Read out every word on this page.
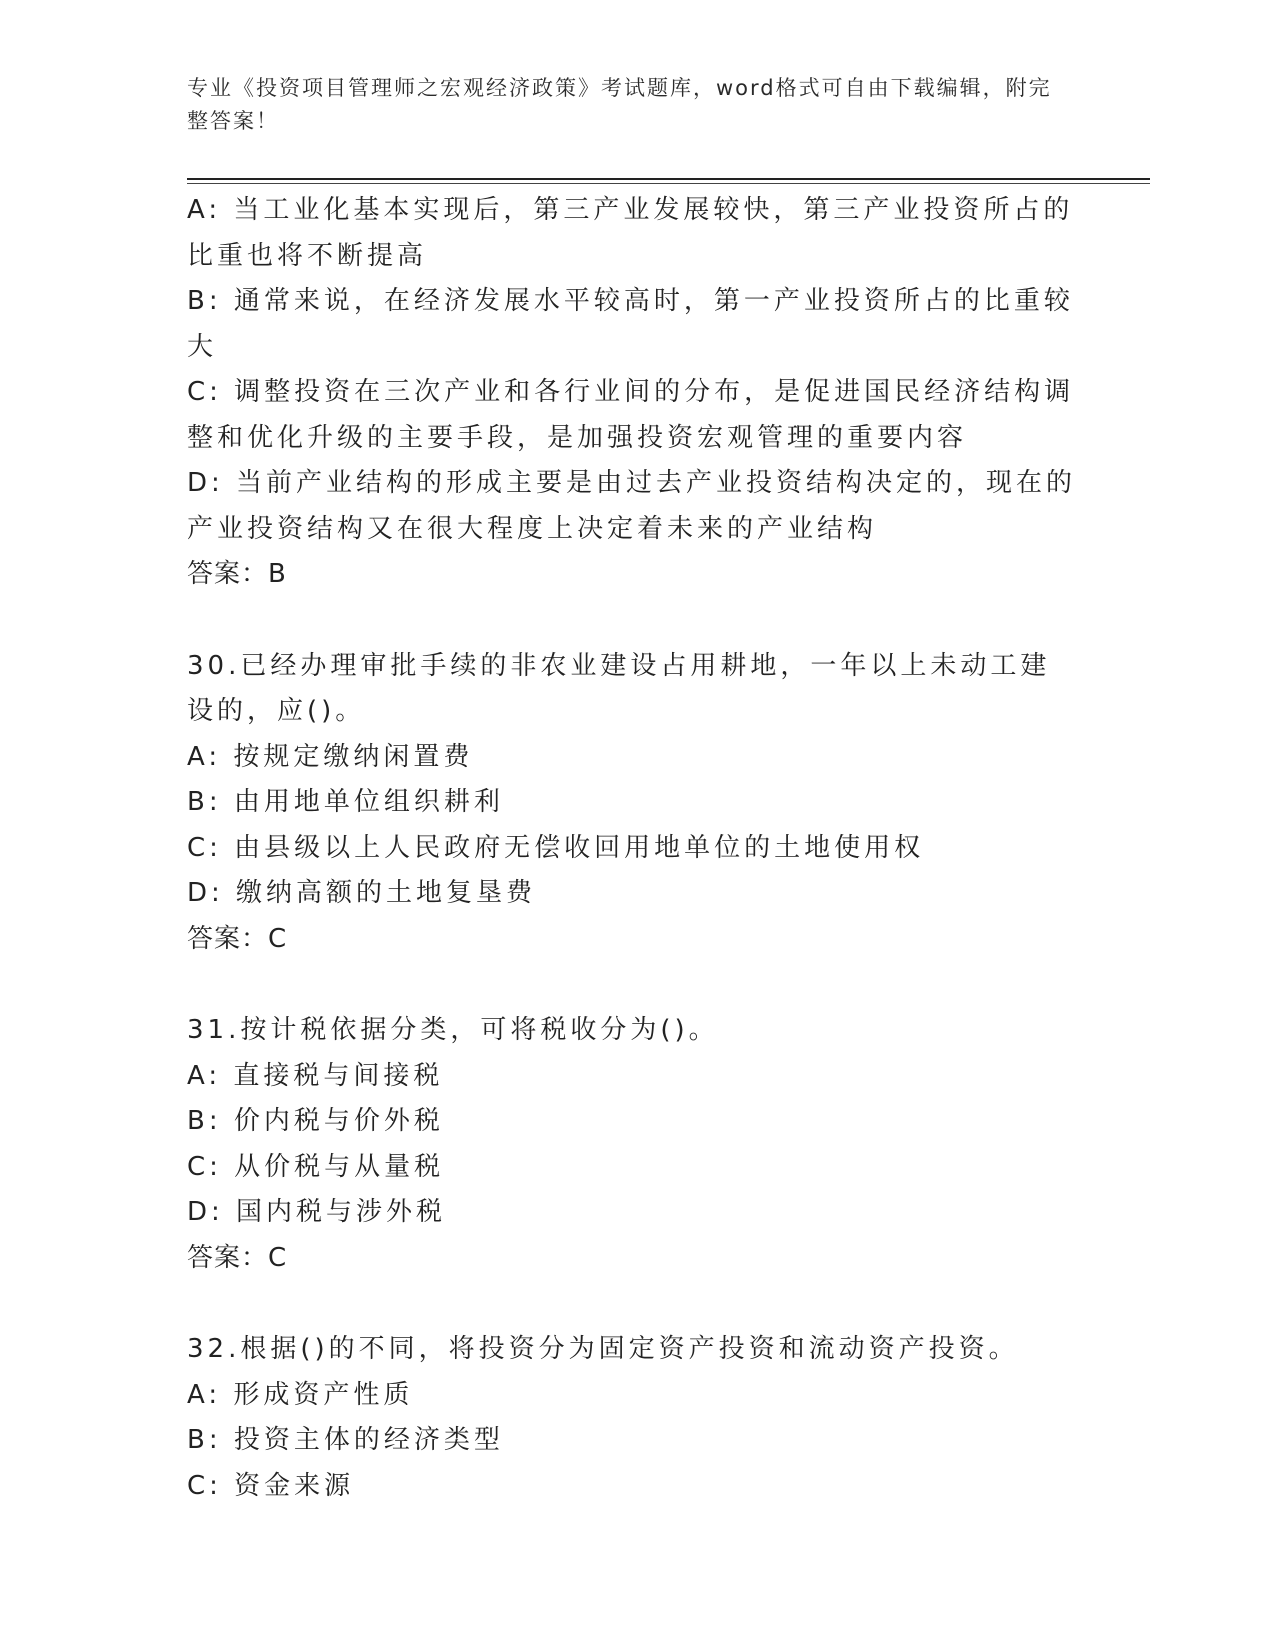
专业《投资项目管理师之宏观经济政策》考试题库，word格式可自由下载编辑，附完整答案！

A: 当工业化基本实现后，第三产业发展较快，第三产业投资所占的比重也将不断提高

B: 通常来说，在经济发展水平较高时，第一产业投资所占的比重较大

C: 调整投资在三次产业和各行业间的分布，是促进国民经济结构调整和优化升级的主要手段，是加强投资宏观管理的重要内容

D: 当前产业结构的形成主要是由过去产业投资结构决定的，现在的产业投资结构又在很大程度上决定着未来的产业结构

答案：B

30.已经办理审批手续的非农业建设占用耕地，一年以上未动工建设的，应()。

A: 按规定缴纳闲置费

B: 由用地单位组织耕利

C: 由县级以上人民政府无偿收回用地单位的土地使用权

D: 缴纳高额的土地复垦费

答案：C

31.按计税依据分类，可将税收分为()。

A: 直接税与间接税

B: 价内税与价外税

C: 从价税与从量税

D: 国内税与涉外税

答案：C

32.根据()的不同，将投资分为固定资产投资和流动资产投资。

A: 形成资产性质

B: 投资主体的经济类型

C: 资金来源
